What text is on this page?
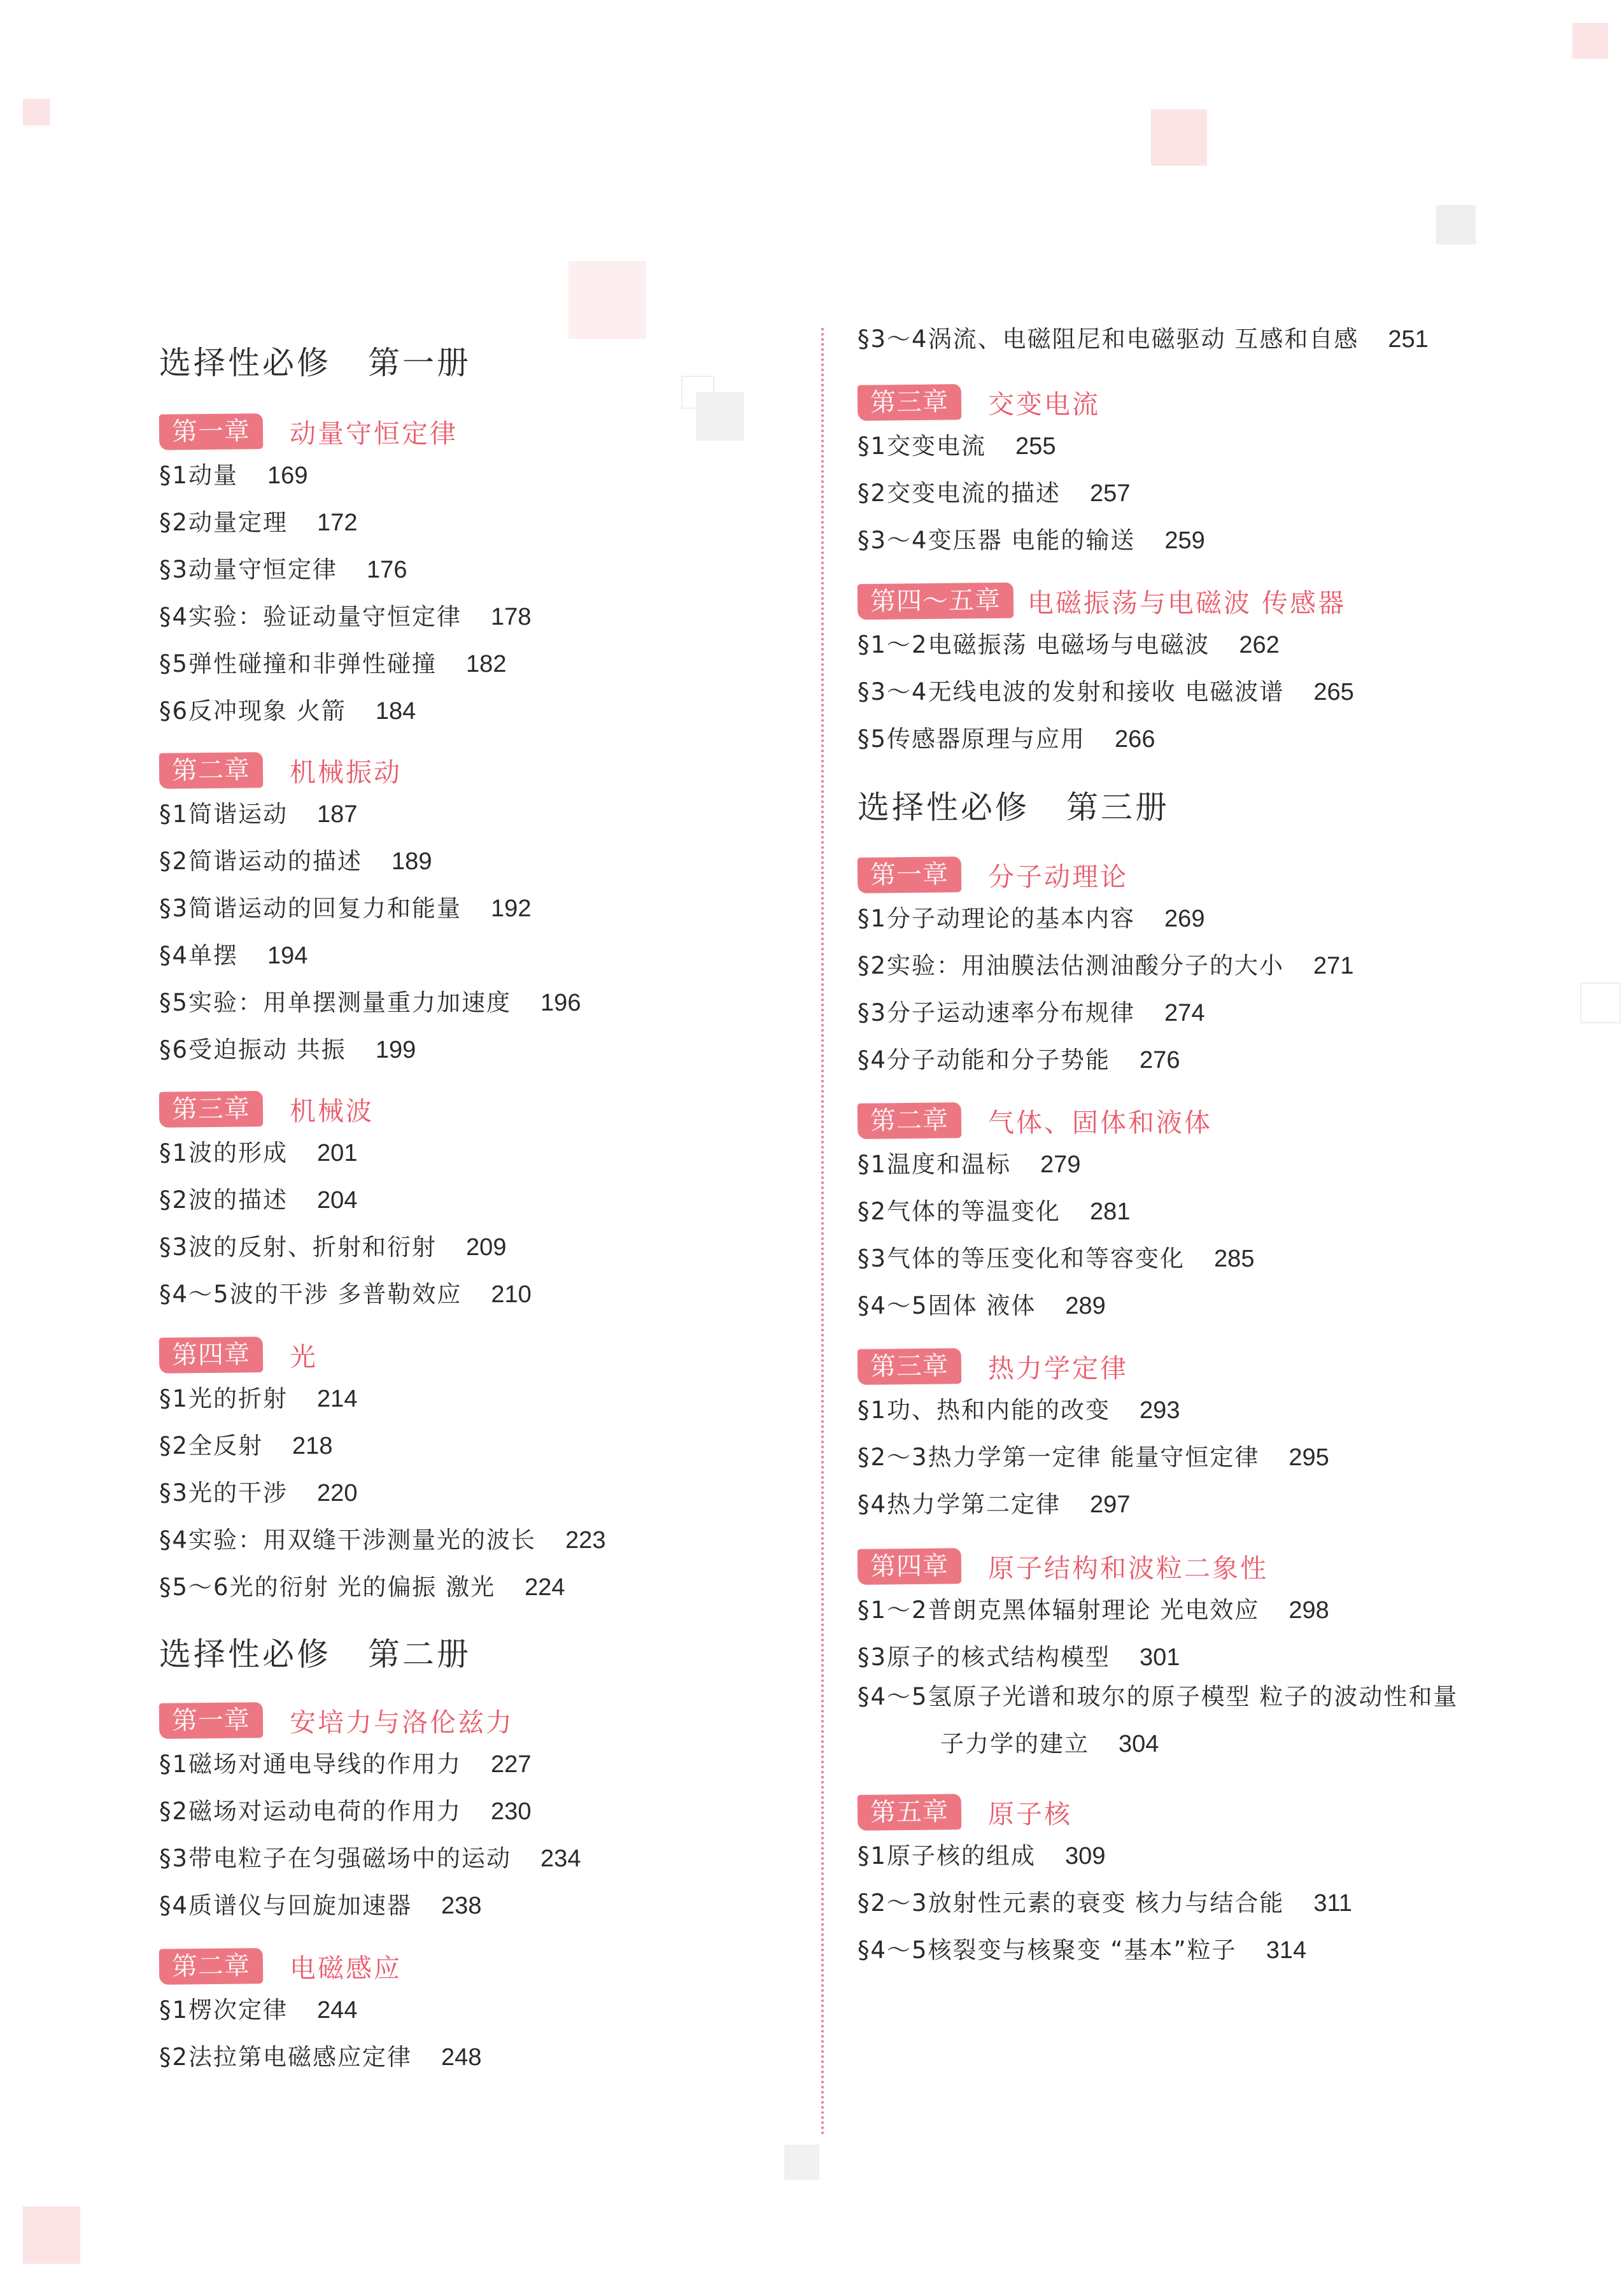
选择性必修 第一册
第一章	动量守恒定律
§1动量 169
§2动量定理 172
§3动量守恒定律 176
§4实验：验证动量守恒定律 178
§5弹性碰撞和非弹性碰撞 182
§6反冲现象 火箭 184
第二章	机械振动
§1简谐运动 187
§2简谐运动的描述 189
§3简谐运动的回复力和能量 192
§4单摆 194
§5实验：用单摆测量重力加速度 196
§6受迫振动 共振 199
第三章	机械波
§1波的形成 201
§2波的描述 204
§3波的反射、折射和衍射 209
§4～5波的干涉 多普勒效应 210
第四章	光
§1光的折射 214
§2全反射 218
§3光的干涉 220
§4实验：用双缝干涉测量光的波长 223
§5～6光的衍射 光的偏振 激光 224
选择性必修 第二册
第一章	安培力与洛伦兹力
§1磁场对通电导线的作用力 227
§2磁场对运动电荷的作用力 230
§3带电粒子在匀强磁场中的运动 234
§4质谱仪与回旋加速器 238
第二章	电磁感应
§1楞次定律 244
§2法拉第电磁感应定律 248
§3～4涡流、电磁阻尼和电磁驱动 互感和自感 251
第三章	交变电流
§1交变电流 255
§2交变电流的描述 257
§3～4变压器 电能的输送 259
第四～五章	电磁振荡与电磁波 传感器
§1～2电磁振荡 电磁场与电磁波 262
§3～4无线电波的发射和接收 电磁波谱 265
§5传感器原理与应用 266
选择性必修 第三册
第一章	分子动理论
§1分子动理论的基本内容 269
§2实验：用油膜法估测油酸分子的大小 271
§3分子运动速率分布规律 274
§4分子动能和分子势能 276
第二章	气体、固体和液体
§1温度和温标 279
§2气体的等温变化 281
§3气体的等压变化和等容变化 285
§4～5固体 液体 289
第三章	热力学定律
§1功、热和内能的改变 293
§2～3热力学第一定律 能量守恒定律 295
§4热力学第二定律 297
第四章	原子结构和波粒二象性
§1～2普朗克黑体辐射理论 光电效应 298
§3原子的核式结构模型 301
§4～5氢原子光谱和玻尔的原子模型 粒子的波动性和量
子力学的建立 304
第五章	原子核
§1原子核的组成 309
§2～3放射性元素的衰变 核力与结合能 311
§4～5核裂变与核聚变 “基本”粒子 314
